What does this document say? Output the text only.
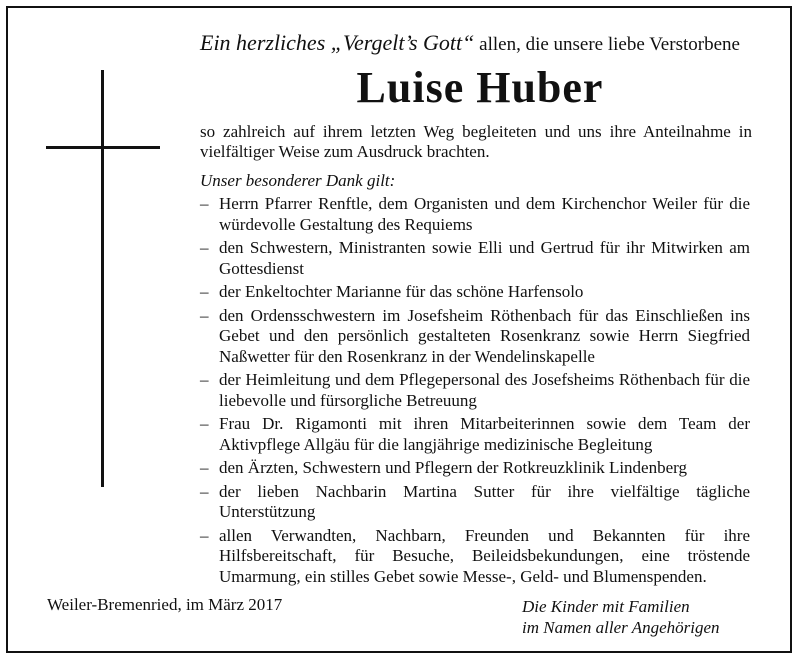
Ein herzliches „Vergelt’s Gott“ allen, die unsere liebe Verstorbene
Luise Huber
so zahlreich auf ihrem letzten Weg begleiteten und uns ihre Anteilnahme in vielfältiger Weise zum Ausdruck brachten.
Unser besonderer Dank gilt:
– Herrn Pfarrer Renftle, dem Organisten und dem Kirchenchor Weiler für die würdevolle Gestaltung des Requiems
– den Schwestern, Ministranten sowie Elli und Gertrud für ihr Mitwirken am Gottesdienst
– der Enkeltochter Marianne für das schöne Harfensolo
– den Ordensschwestern im Josefsheim Röthenbach für das Einschließen ins Gebet und den persönlich gestalteten Rosenkranz sowie Herrn Siegfried Naßwetter für den Rosenkranz in der Wendelinskapelle
– der Heimleitung und dem Pflegepersonal des Josefsheims Röthenbach für die liebevolle und fürsorgliche Betreuung
– Frau Dr. Rigamonti mit ihren Mitarbeiterinnen sowie dem Team der Aktivpflege Allgäu für die langjährige medizinische Begleitung
– den Ärzten, Schwestern und Pflegern der Rotkreuzklinik Lindenberg
– der lieben Nachbarin Martina Sutter für ihre vielfältige tägliche Unterstützung
– allen Verwandten, Nachbarn, Freunden und Bekannten für ihre Hilfsbereitschaft, für Besuche, Beileidsbekundungen, eine tröstende Umarmung, ein stilles Gebet sowie Messe-, Geld- und Blumenspenden.
Weiler-Bremenried, im März 2017	Die Kinder mit Familien
im Namen aller Angehörigen
